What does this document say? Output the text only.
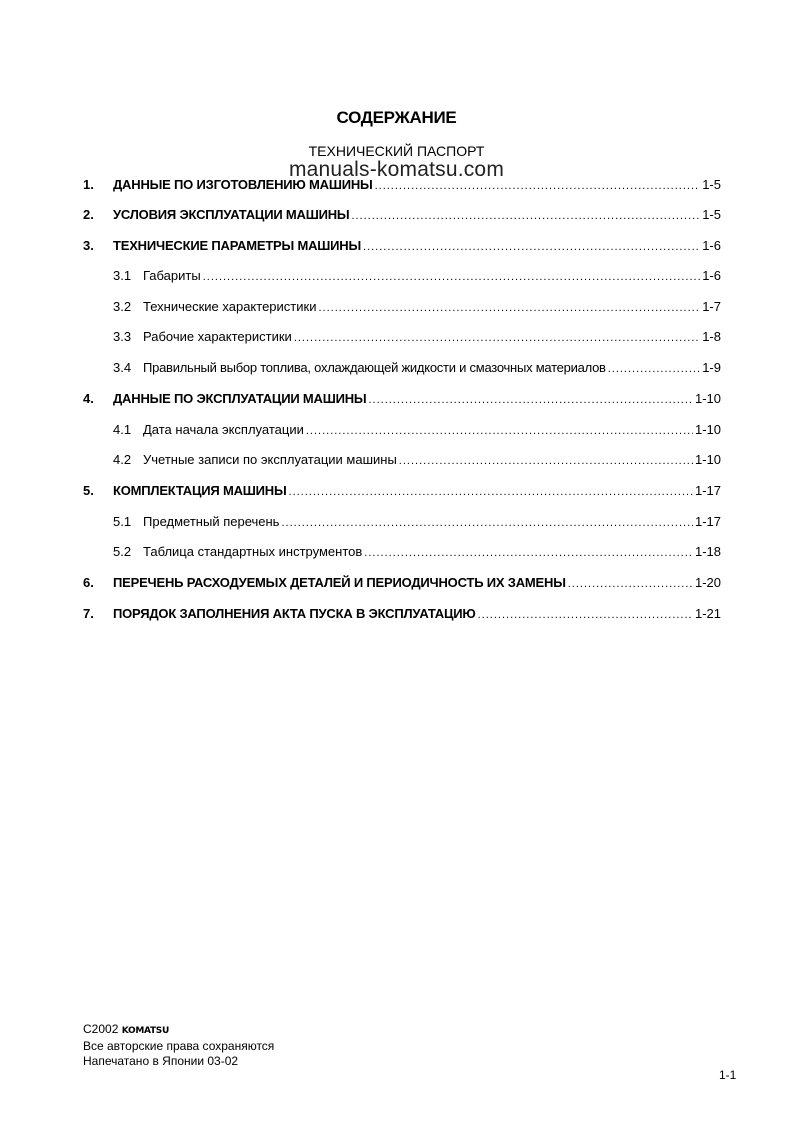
СОДЕРЖАНИЕ
ТЕХНИЧЕСКИЙ ПАСПОРТ
manuals-komatsu.com
1.	ДАННЫЕ ПО ИЗГОТОВЛЕНИЮ МАШИНЫ .....	1-5
2.	УСЛОВИЯ ЭКСПЛУАТАЦИИ МАШИНЫ .....	1-5
3.	ТЕХНИЧЕСКИЕ ПАРАМЕТРЫ МАШИНЫ .....	1-6
3.1 Габариты .....	1-6
3.2 Технические характеристики .....	1-7
3.3 Рабочие характеристики .....	1-8
3.4 Правильный выбор топлива, охлаждающей жидкости и смазочных материалов .....	1-9
4.	ДАННЫЕ ПО ЭКСПЛУАТАЦИИ МАШИНЫ .....	1-10
4.1 Дата начала эксплуатации .....	1-10
4.2 Учетные записи по эксплуатации машины .....	1-10
5.	КОМПЛЕКТАЦИЯ МАШИНЫ .....	1-17
5.1 Предметный перечень .....	1-17
5.2 Таблица стандартных инструментов .....	1-18
6.	ПЕРЕЧЕНЬ РАСХОДУЕМЫХ ДЕТАЛЕЙ И ПЕРИОДИЧНОСТЬ ИХ ЗАМЕНЫ .....	1-20
7.	ПОРЯДОК ЗАПОЛНЕНИЯ АКТА ПУСКА В ЭКСПЛУАТАЦИЮ .....	1-21
C2002 KOMATSU
Все авторские права сохраняются
Напечатано в Японии 03-02
1-1
